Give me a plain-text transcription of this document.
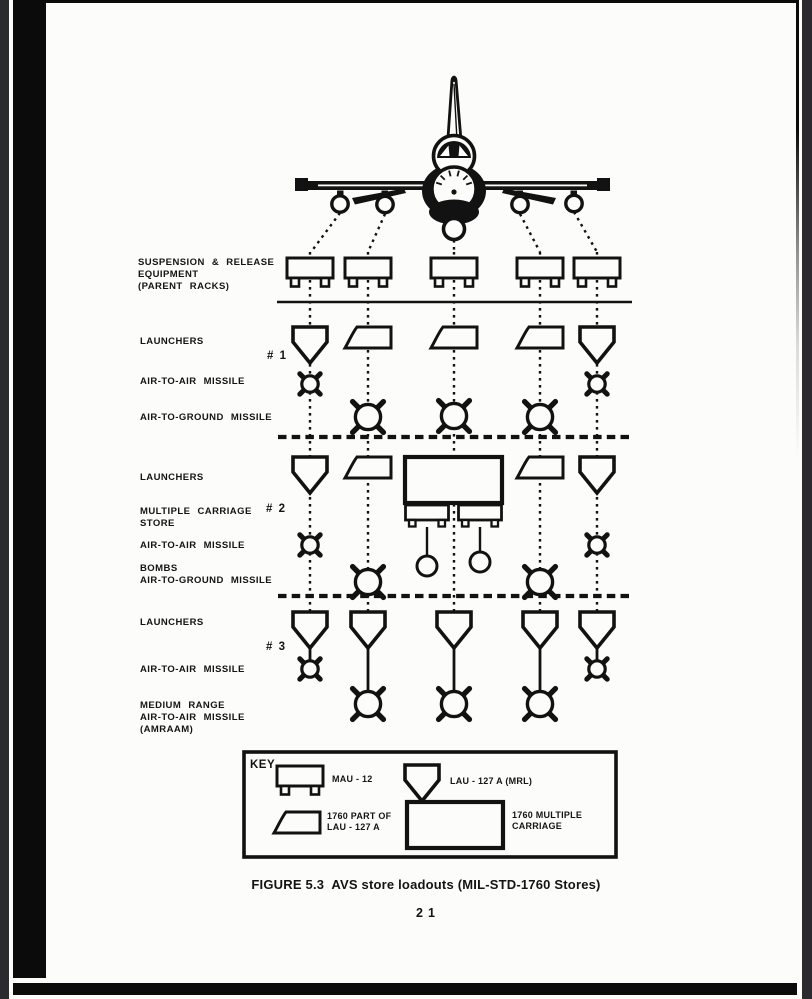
SUSPENSION & RELEASE
EQUIPMENT
(PARENT RACKS)
LAUNCHERS
AIR-TO-AIR MISSILE
AIR-TO-GROUND MISSILE
LAUNCHERS
MULTIPLE CARRIAGE
STORE
AIR-TO-AIR MISSILE
BOMBS
AIR-TO-GROUND MISSILE
LAUNCHERS
AIR-TO-AIR MISSILE
MEDIUM RANGE
AIR-TO-AIR MISSILE
(AMRAAM)
# 1
# 2
# 3
KEY
MAU - 12	LAU - 127 A (MRL)
1760 PART OF
LAU - 127 A
1760 MULTIPLE
CARRIAGE
FIGURE 5.3  AVS store loadouts (MIL-STD-1760 Stores)
21
